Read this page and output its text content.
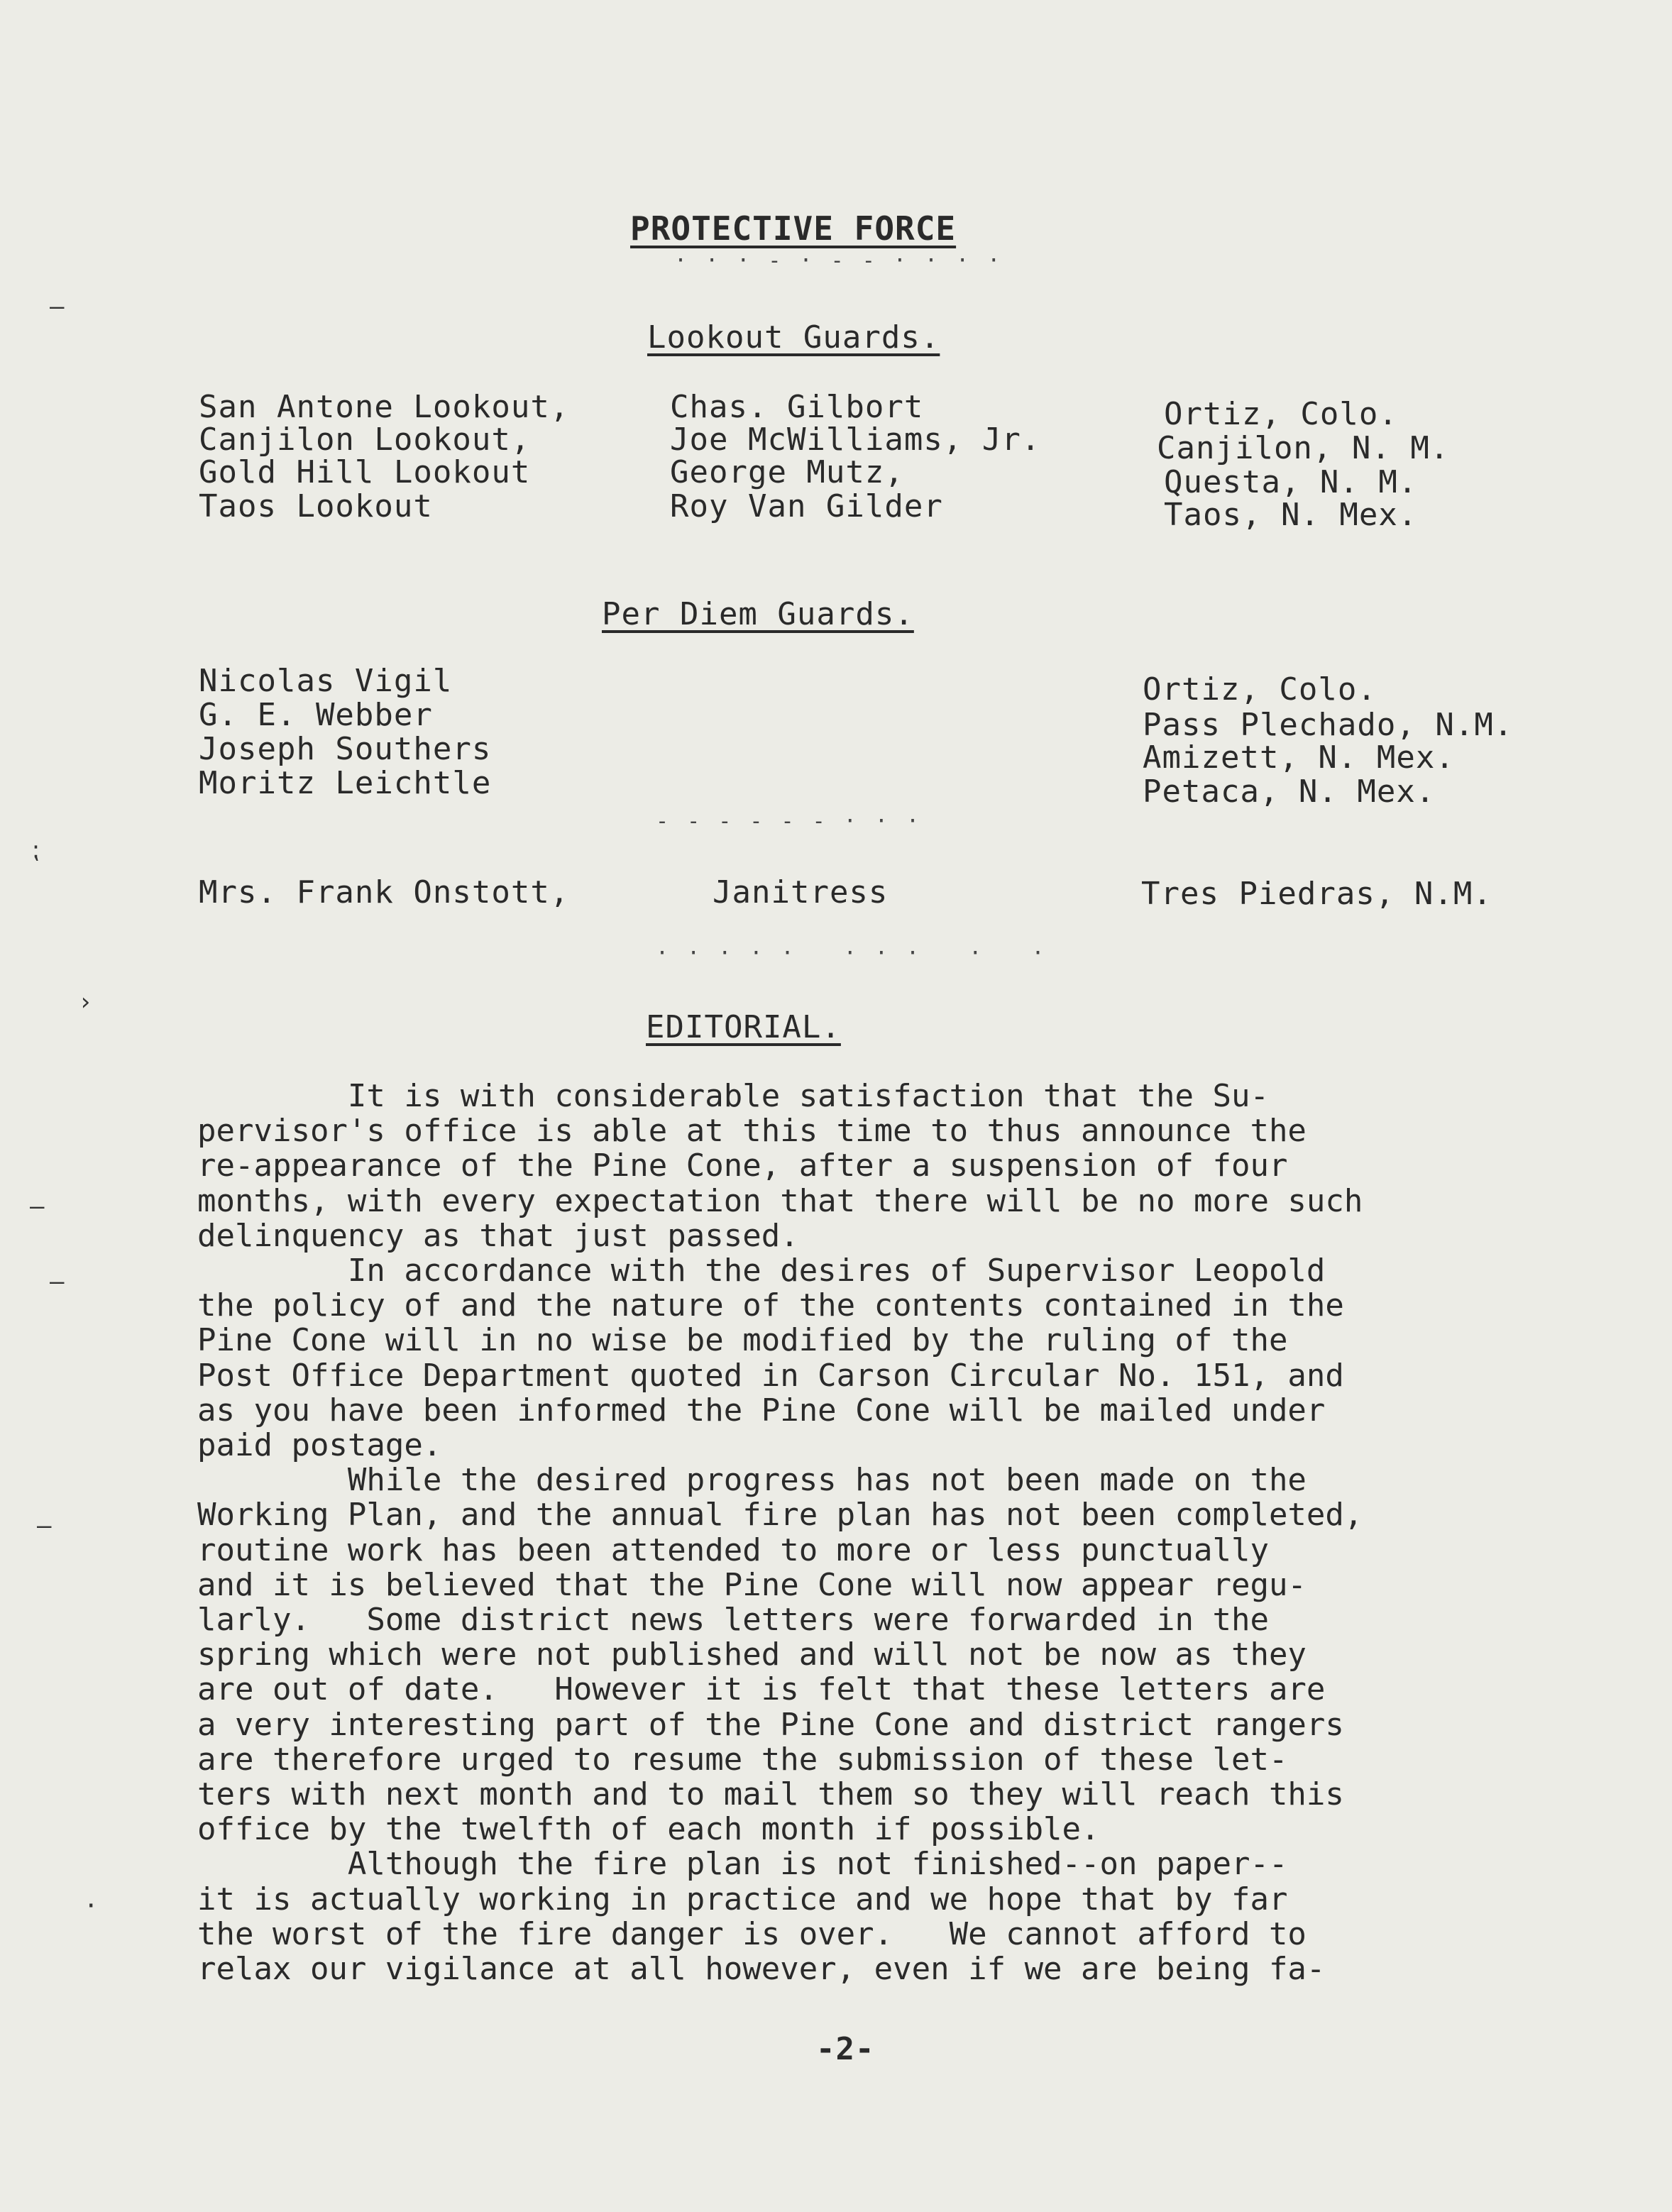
PROTECTIVE FORCE
· · · - · - - · · · ·
Lookout Guards.
San Antone Lookout,	Chas. Gilbort	Ortiz, Colo.
Canjilon Lookout,	Joe McWilliams, Jr.	Canjilon, N. M.
Gold Hill Lookout	George Mutz,	Questa, N. M.
Taos Lookout	Roy Van Gilder	Taos, N. Mex.
Per Diem Guards.
Nicolas Vigil	Ortiz, Colo.
G. E. Webber	Pass Plechado, N.M.
Joseph Southers	Amizett, N. Mex.
Moritz Leichtle	Petaca, N. Mex.
- - - - - - · · ·
Mrs. Frank Onstott,	Janitress	Tres Piedras, N.M.
· · · · ·   · · ·   ·   ·
EDITORIAL.
It is with considerable satisfaction that the Su-
pervisor's office is able at this time to thus announce the
re-appearance of the Pine Cone, after a suspension of four
months, with every expectation that there will be no more such
delinquency as that just passed.
In accordance with the desires of Supervisor Leopold
the policy of and the nature of the contents contained in the
Pine Cone will in no wise be modified by the ruling of the
Post Office Department quoted in Carson Circular No. 151, and
as you have been informed the Pine Cone will be mailed under
paid postage.
While the desired progress has not been made on the
Working Plan, and the annual fire plan has not been completed,
routine work has been attended to more or less punctually
and it is believed that the Pine Cone will now appear regu-
larly.   Some district news letters were forwarded in the
spring which were not published and will not be now as they
are out of date.   However it is felt that these letters are
a very interesting part of the Pine Cone and district rangers
are therefore urged to resume the submission of these let-
ters with next month and to mail them so they will reach this
office by the twelfth of each month if possible.
Although the fire plan is not finished--on paper--
it is actually working in practice and we hope that by far
the worst of the fire danger is over.   We cannot afford to
relax our vigilance at all however, even if we are being fa-
-2-
–
⁏
›
–
–
–
·
